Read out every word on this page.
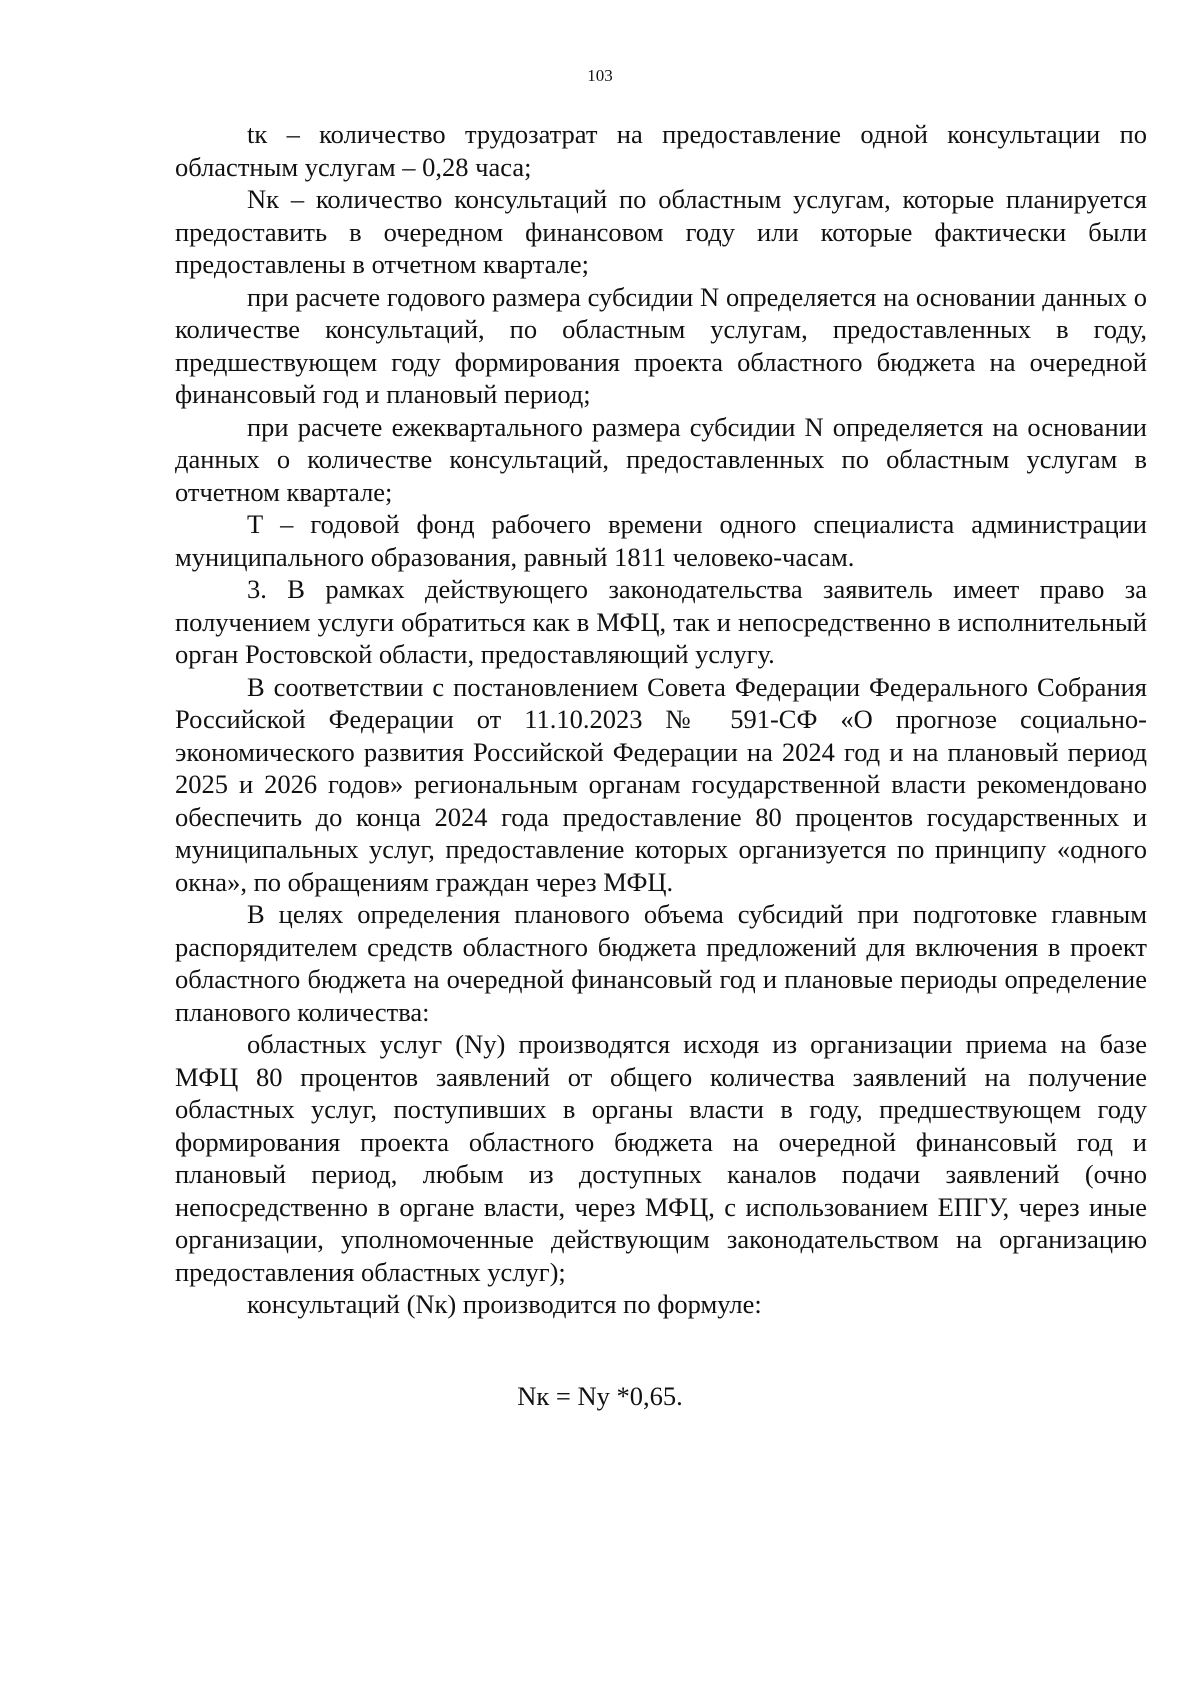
103

tк – количество трудозатрат на предоставление одной консультации по областным услугам – 0,28 часа;

Nк – количество консультаций по областным услугам, которые планируется предоставить в очередном финансовом году или которые фактически были предоставлены в отчетном квартале;

при расчете годового размера субсидии N определяется на основании данных о количестве консультаций, по областным услугам, предоставленных в году, предшествующем году формирования проекта областного бюджета на очередной финансовый год и плановый период;

при расчете ежеквартального размера субсидии N определяется на основании данных о количестве консультаций, предоставленных по областным услугам в отчетном квартале;

Т – годовой фонд рабочего времени одного специалиста администрации муниципального образования, равный 1811 человеко-часам.

3. В рамках действующего законодательства заявитель имеет право за получением услуги обратиться как в МФЦ, так и непосредственно в исполнительный орган Ростовской области, предоставляющий услугу.

В соответствии с постановлением Совета Федерации Федерального Собрания Российской Федерации от 11.10.2023 № 591-СФ «О прогнозе социально-экономического развития Российской Федерации на 2024 год и на плановый период 2025 и 2026 годов» региональным органам государственной власти рекомендовано обеспечить до конца 2024 года предоставление 80 процентов государственных и муниципальных услуг, предоставление которых организуется по принципу «одного окна», по обращениям граждан через МФЦ.

В целях определения планового объема субсидий при подготовке главным распорядителем средств областного бюджета предложений для включения в проект областного бюджета на очередной финансовый год и плановые периоды определение планового количества:

областных услуг (Nу) производятся исходя из организации приема на базе МФЦ 80 процентов заявлений от общего количества заявлений на получение областных услуг, поступивших в органы власти в году, предшествующем году формирования проекта областного бюджета на очередной финансовый год и плановый период, любым из доступных каналов подачи заявлений (очно непосредственно в органе власти, через МФЦ, с использованием ЕПГУ, через иные организации, уполномоченные действующим законодательством на организацию предоставления областных услуг);

консультаций (Nк) производится по формуле:

Nк = Nу *0,65.
